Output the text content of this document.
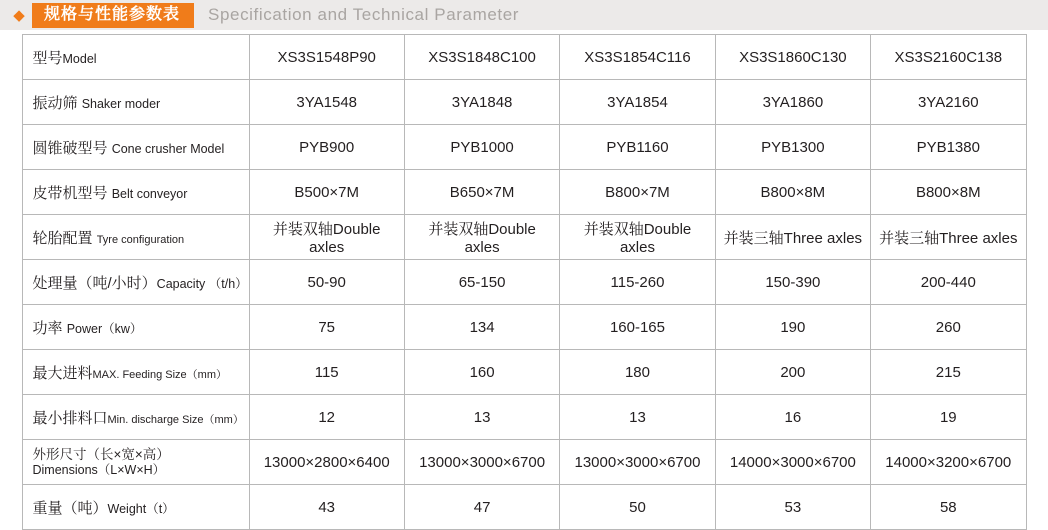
◆	规格与性能参数表	Specification and Technical Parameter
型号Model	XS3S1548P90	XS3S1848C100	XS3S1854C116	XS3S1860C130	XS3S2160C138
振动筛 Shaker moder	3YA1548	3YA1848	3YA1854	3YA1860	3YA2160
圆锥破型号 Cone crusher Model	PYB900	PYB1000	PYB1160	PYB1300	PYB1380
皮带机型号 Belt conveyor	B500×7M	B650×7M	B800×7M	B800×8M	B800×8M
轮胎配置 Tyre configuration	并装双轴Double axles	并装双轴Double axles	并装双轴Double axles	并装三轴Three axles	并装三轴Three axles
处理量（吨/小时）Capacity （t/h）	50-90	65-150	115-260	150-390	200-440
功率 Power（kw）	75	134	160-165	190	260
最大进料MAX. Feeding Size（mm）	115	160	180	200	215
最小排料口Min. discharge Size（mm）	12	13	13	16	19

外形尺寸（长×宽×高）
Dimensions（L×W×H）	13000×2800×6400	13000×3000×6700	13000×3000×6700	14000×3000×6700	14000×3200×6700
重量（吨）Weight（t）	43	47	50	53	58
